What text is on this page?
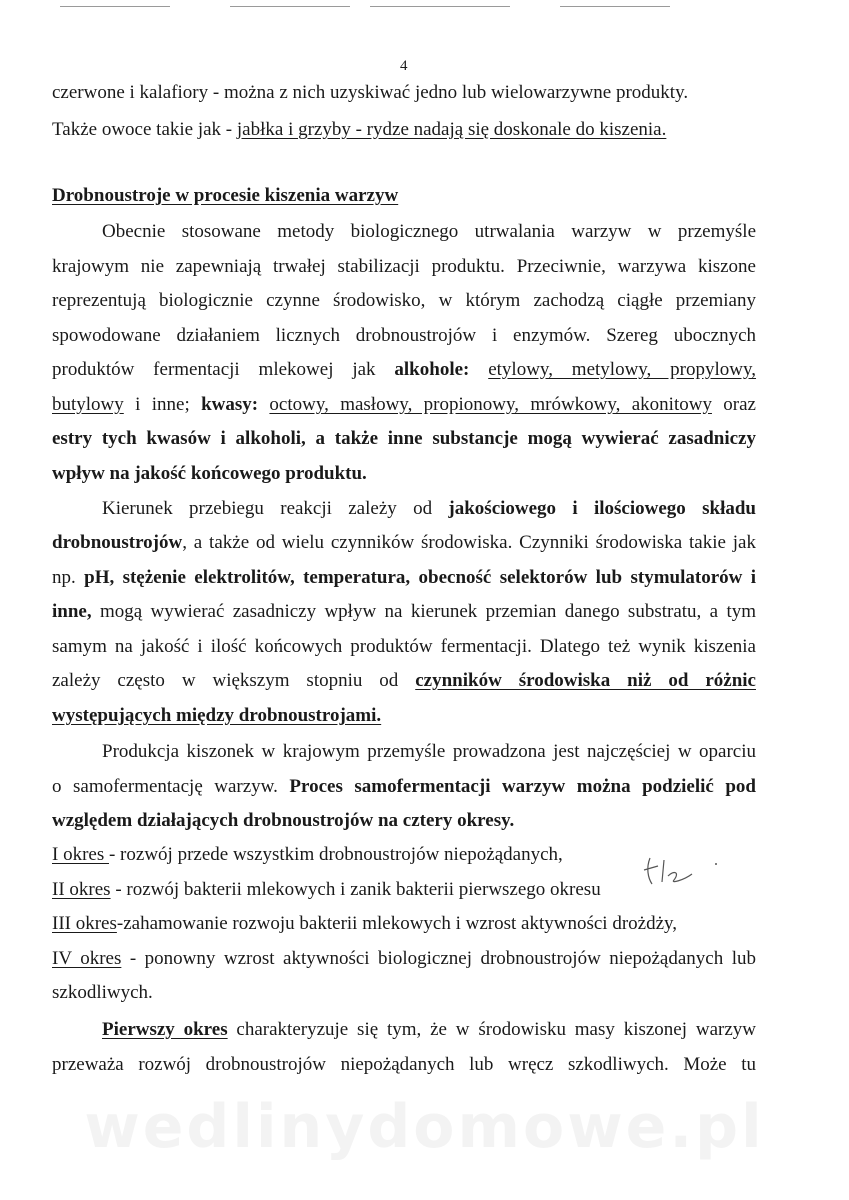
4
czerwone i kalafiory - można z nich uzyskiwać jedno lub wielowarzywne produkty.
Także owoce takie jak - jabłka i grzyby - rydze nadają się doskonale do kiszenia.
Drobnoustroje w procesie kiszenia warzyw
Obecnie stosowane metody biologicznego utrwalania warzyw w przemyśle
krajowym nie zapewniają trwałej stabilizacji produktu. Przeciwnie, warzywa kiszone
reprezentują biologicznie czynne środowisko, w którym zachodzą ciągłe przemiany
spowodowane działaniem licznych drobnoustrojów i enzymów. Szereg ubocznych
produktów fermentacji mlekowej jak alkohole: etylowy, metylowy, propylowy,
butylowy i inne; kwasy: octowy, masłowy, propionowy, mrówkowy, akonitowy oraz
estry tych kwasów i alkoholi, a także inne substancje mogą wywierać zasadniczy
wpływ na jakość końcowego produktu.
Kierunek przebiegu reakcji zależy od jakościowego i ilościowego składu
drobnoustrojów, a także od wielu czynników środowiska. Czynniki środowiska takie jak
np. pH, stężenie elektrolitów, temperatura, obecność selektorów lub stymulatorów i
inne, mogą wywierać zasadniczy wpływ na kierunek przemian danego substratu, a tym
samym na jakość i ilość końcowych produktów fermentacji. Dlatego też wynik kiszenia
zależy często w większym stopniu od czynników środowiska niż od różnic
występujących między drobnoustrojami.
Produkcja kiszonek w krajowym przemyśle prowadzona jest najczęściej w oparciu
o samofermentację warzyw. Proces samofermentacji warzyw można podzielić pod
względem działających drobnoustrojów na cztery okresy.
I okres - rozwój przede wszystkim drobnoustrojów niepożądanych,
II okres - rozwój bakterii mlekowych i zanik bakterii pierwszego okresu
III okres-zahamowanie rozwoju bakterii mlekowych i wzrost aktywności drożdży,
IV okres - ponowny wzrost aktywności biologicznej drobnoustrojów niepożądanych lub
szkodliwych.
Pierwszy okres charakteryzuje się tym, że w środowisku masy kiszonej warzyw
przeważa rozwój drobnoustrojów niepożądanych lub wręcz szkodliwych. Może tu
wedlinydomowe.pl
